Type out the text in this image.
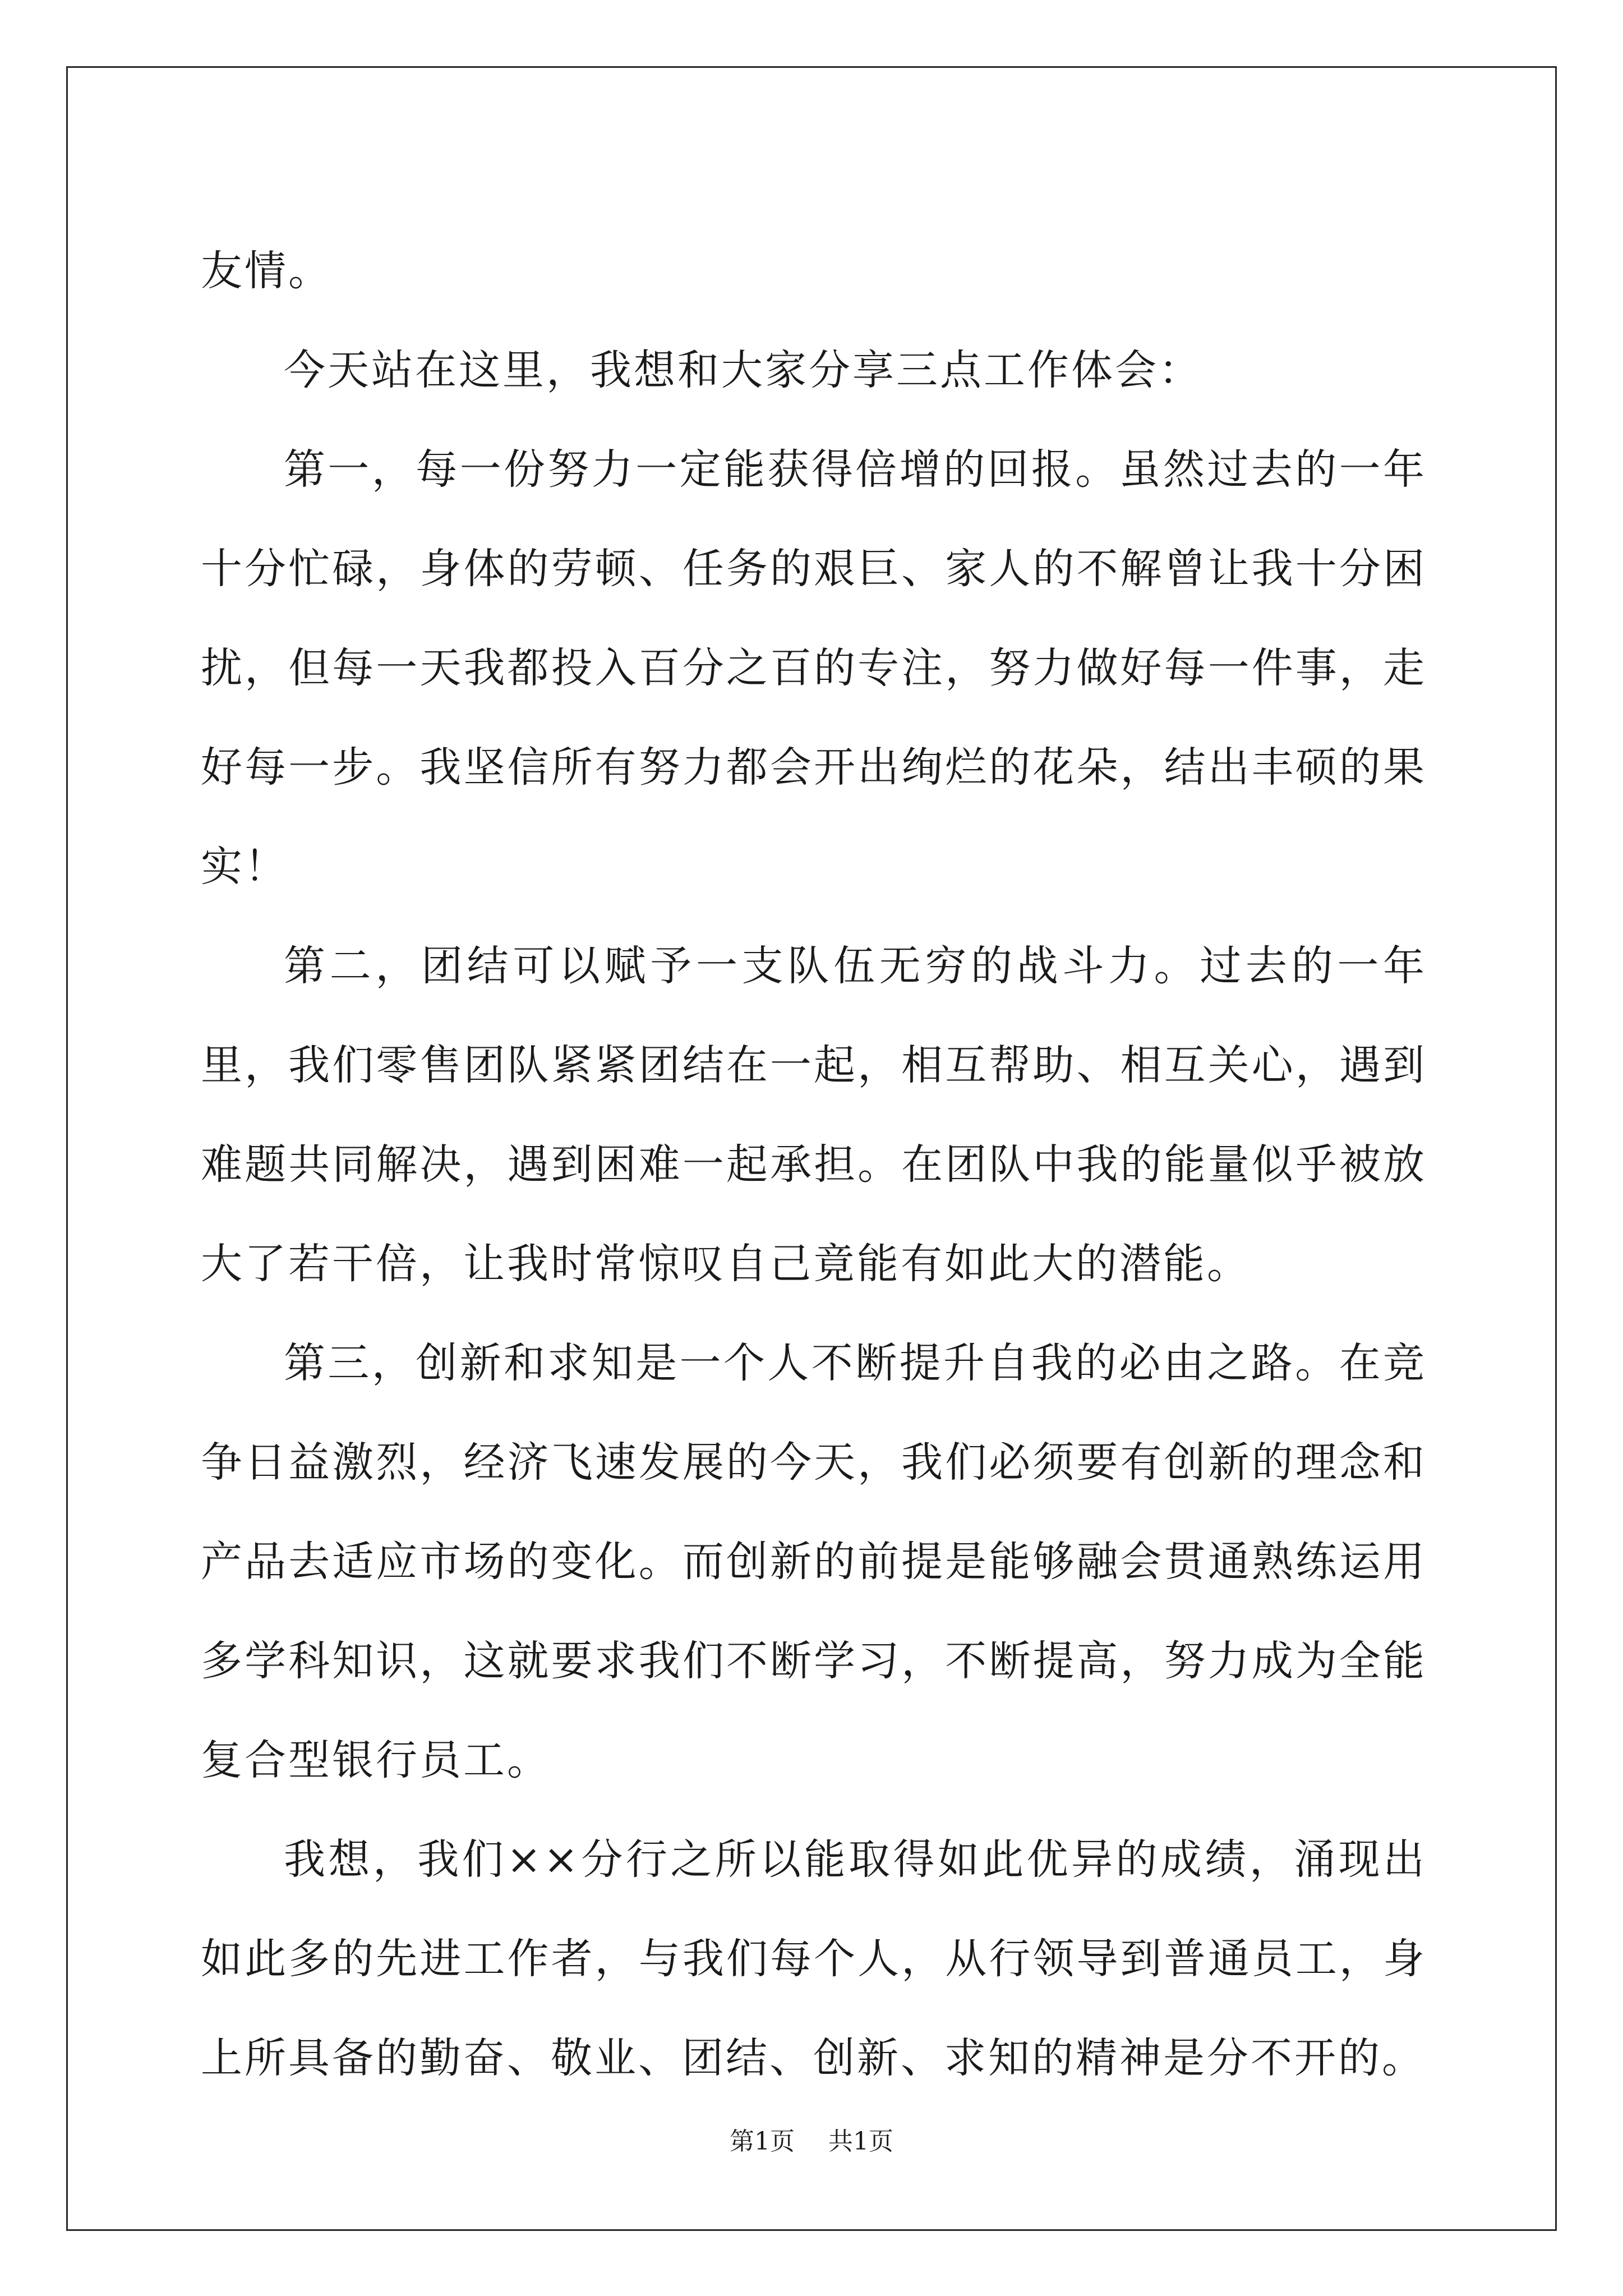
友情。

今天站在这里，我想和大家分享三点工作体会：

第一，每一份努力一定能获得倍增的回报。虽然过去的一年十分忙碌，身体的劳顿、任务的艰巨、家人的不解曾让我十分困扰，但每一天我都投入百分之百的专注，努力做好每一件事，走好每一步。我坚信所有努力都会开出绚烂的花朵，结出丰硕的果实！

第二，团结可以赋予一支队伍无穷的战斗力。过去的一年里，我们零售团队紧紧团结在一起，相互帮助、相互关心，遇到难题共同解决，遇到困难一起承担。在团队中我的能量似乎被放大了若干倍，让我时常惊叹自己竟能有如此大的潜能。

第三，创新和求知是一个人不断提升自我的必由之路。在竞争日益激烈，经济飞速发展的今天，我们必须要有创新的理念和产品去适应市场的变化。而创新的前提是能够融会贯通熟练运用多学科知识，这就要求我们不断学习，不断提高，努力成为全能复合型银行员工。

我想，我们××分行之所以能取得如此优异的成绩，涌现出如此多的先进工作者，与我们每个人，从行领导到普通员工，身上所具备的勤奋、敬业、团结、创新、求知的精神是分不开的。

第1页 共1页
